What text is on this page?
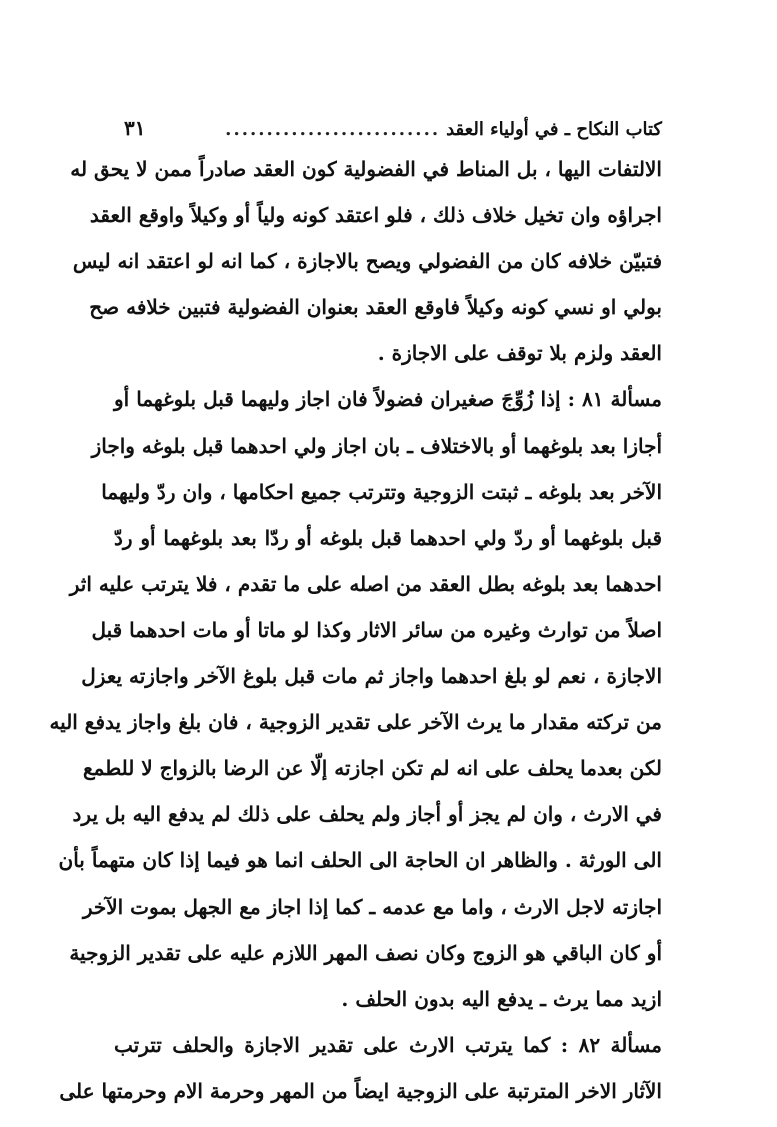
كتاب النكاح ـ في أولياء العقد
..........................
٣١
الالتفات اليها ، بل المناط في الفضولية كون العقد صادراً ممن لا يحق له
اجراؤه وان تخيل خلاف ذلك ، فلو اعتقد كونه ولياً أو وكيلاً واوقع العقد
فتبيّن خلافه كان من الفضولي ويصح بالاجازة ، كما انه لو اعتقد انه ليس
بولي او نسي كونه وكيلاً فاوقع العقد بعنوان الفضولية فتبين خلافه صح
العقد ولزم بلا توقف على الاجازة .
مسألة ٨١ : إذا زُوِّجَ صغيران فضولاً فان اجاز وليهما قبل بلوغهما أو
أجازا بعد بلوغهما أو بالاختلاف ـ بان اجاز ولي احدهما قبل بلوغه واجاز
الآخر بعد بلوغه ـ ثبتت الزوجية وتترتب جميع احكامها ، وان ردّ وليهما
قبل بلوغهما أو ردّ ولي احدهما قبل بلوغه أو ردّا بعد بلوغهما أو ردّ
احدهما بعد بلوغه بطل العقد من اصله على ما تقدم ، فلا يترتب عليه اثر
اصلاً من توارث وغيره من سائر الاثار وكذا لو ماتا أو مات احدهما قبل
الاجازة ، نعم لو بلغ احدهما واجاز ثم مات قبل بلوغ الآخر واجازته يعزل
من تركته مقدار ما يرث الآخر على تقدير الزوجية ، فان بلغ واجاز يدفع اليه
لكن بعدما يحلف على انه لم تكن اجازته إلّا عن الرضا بالزواج لا للطمع
في الارث ، وان لم يجز أو أجاز ولم يحلف على ذلك لم يدفع اليه بل يرد
الى الورثة . والظاهر ان الحاجة الى الحلف انما هو فيما إذا كان متهماً بأن
اجازته لاجل الارث ، واما مع عدمه ـ كما إذا اجاز مع الجهل بموت الآخر
أو كان الباقي هو الزوج وكان نصف المهر اللازم عليه على تقدير الزوجية
ازيد مما يرث ـ يدفع اليه بدون الحلف .
مسألة ٨٢ : كما يترتب الارث على تقدير الاجازة والحلف تترتب
الآثار الاخر المترتبة على الزوجية ايضاً من المهر وحرمة الام وحرمتها على
